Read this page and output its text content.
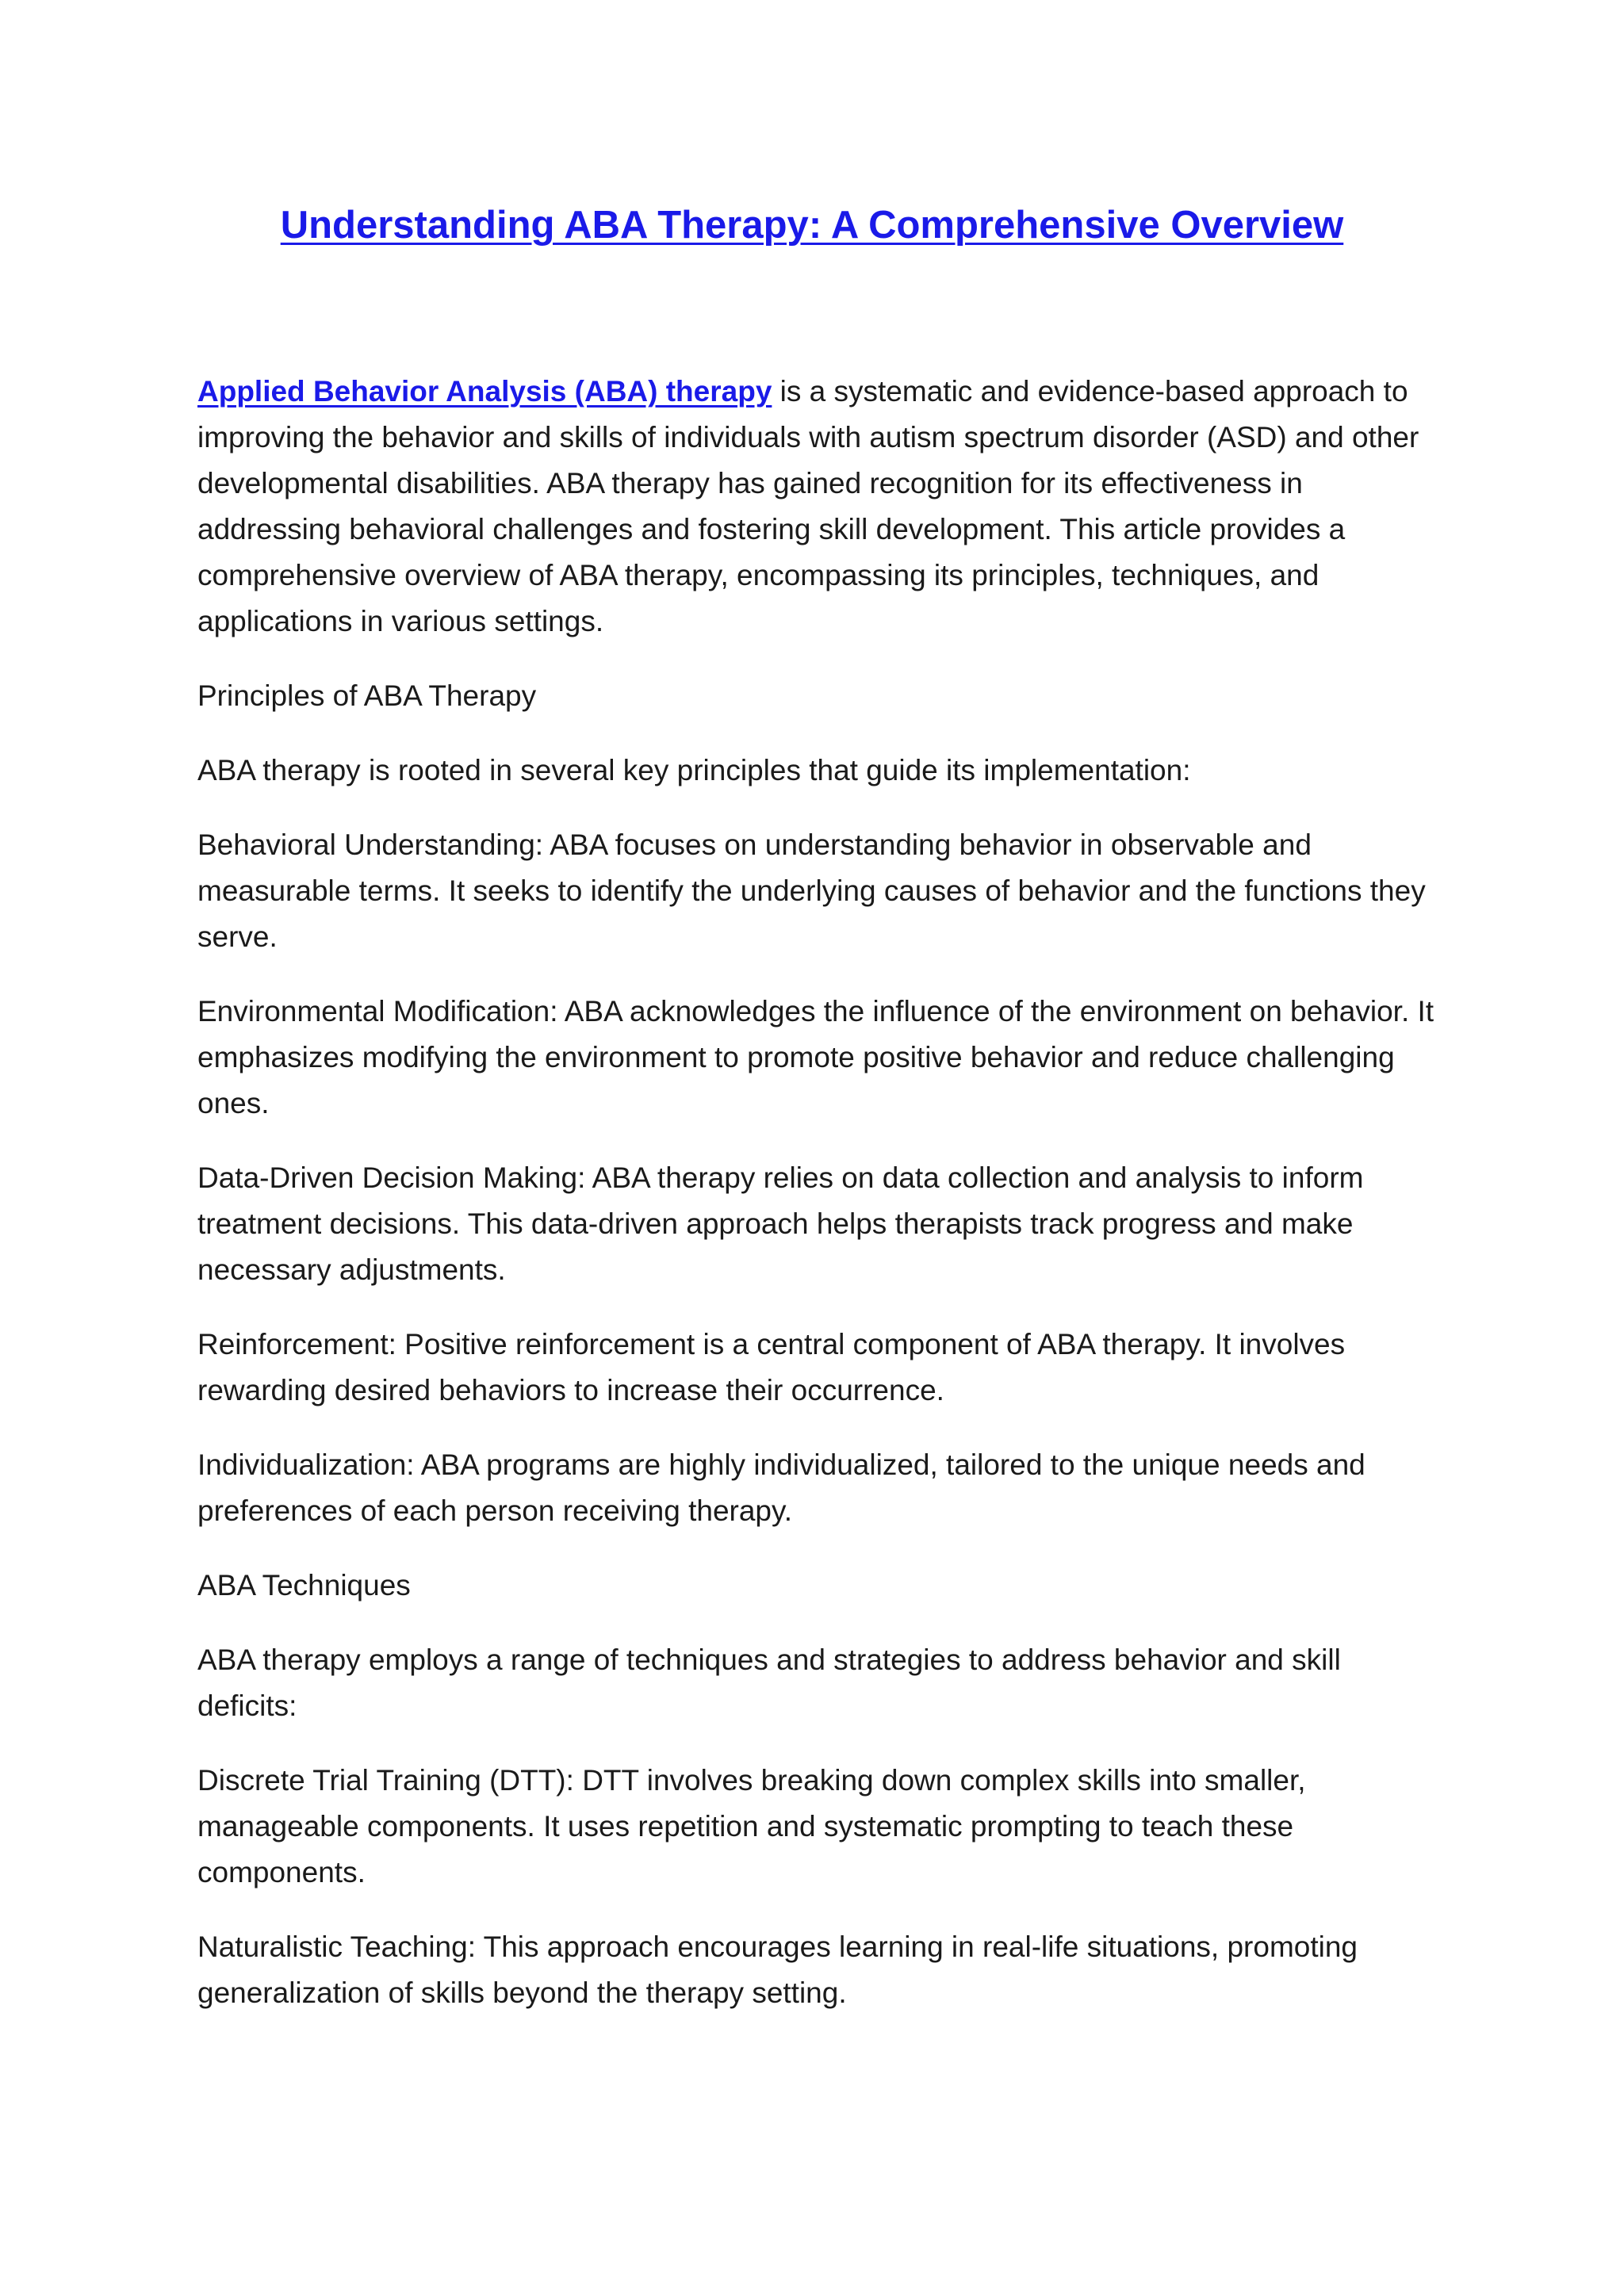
Understanding ABA Therapy: A Comprehensive Overview

Applied Behavior Analysis (ABA) therapy is a systematic and evidence-based approach to improving the behavior and skills of individuals with autism spectrum disorder (ASD) and other developmental disabilities. ABA therapy has gained recognition for its effectiveness in addressing behavioral challenges and fostering skill development. This article provides a comprehensive overview of ABA therapy, encompassing its principles, techniques, and applications in various settings.

Principles of ABA Therapy

ABA therapy is rooted in several key principles that guide its implementation:

Behavioral Understanding: ABA focuses on understanding behavior in observable and measurable terms. It seeks to identify the underlying causes of behavior and the functions they serve.

Environmental Modification: ABA acknowledges the influence of the environment on behavior. It emphasizes modifying the environment to promote positive behavior and reduce challenging ones.

Data-Driven Decision Making: ABA therapy relies on data collection and analysis to inform treatment decisions. This data-driven approach helps therapists track progress and make necessary adjustments.

Reinforcement: Positive reinforcement is a central component of ABA therapy. It involves rewarding desired behaviors to increase their occurrence.

Individualization: ABA programs are highly individualized, tailored to the unique needs and preferences of each person receiving therapy.

ABA Techniques

ABA therapy employs a range of techniques and strategies to address behavior and skill deficits:

Discrete Trial Training (DTT): DTT involves breaking down complex skills into smaller, manageable components. It uses repetition and systematic prompting to teach these components.

Naturalistic Teaching: This approach encourages learning in real-life situations, promoting generalization of skills beyond the therapy setting.
